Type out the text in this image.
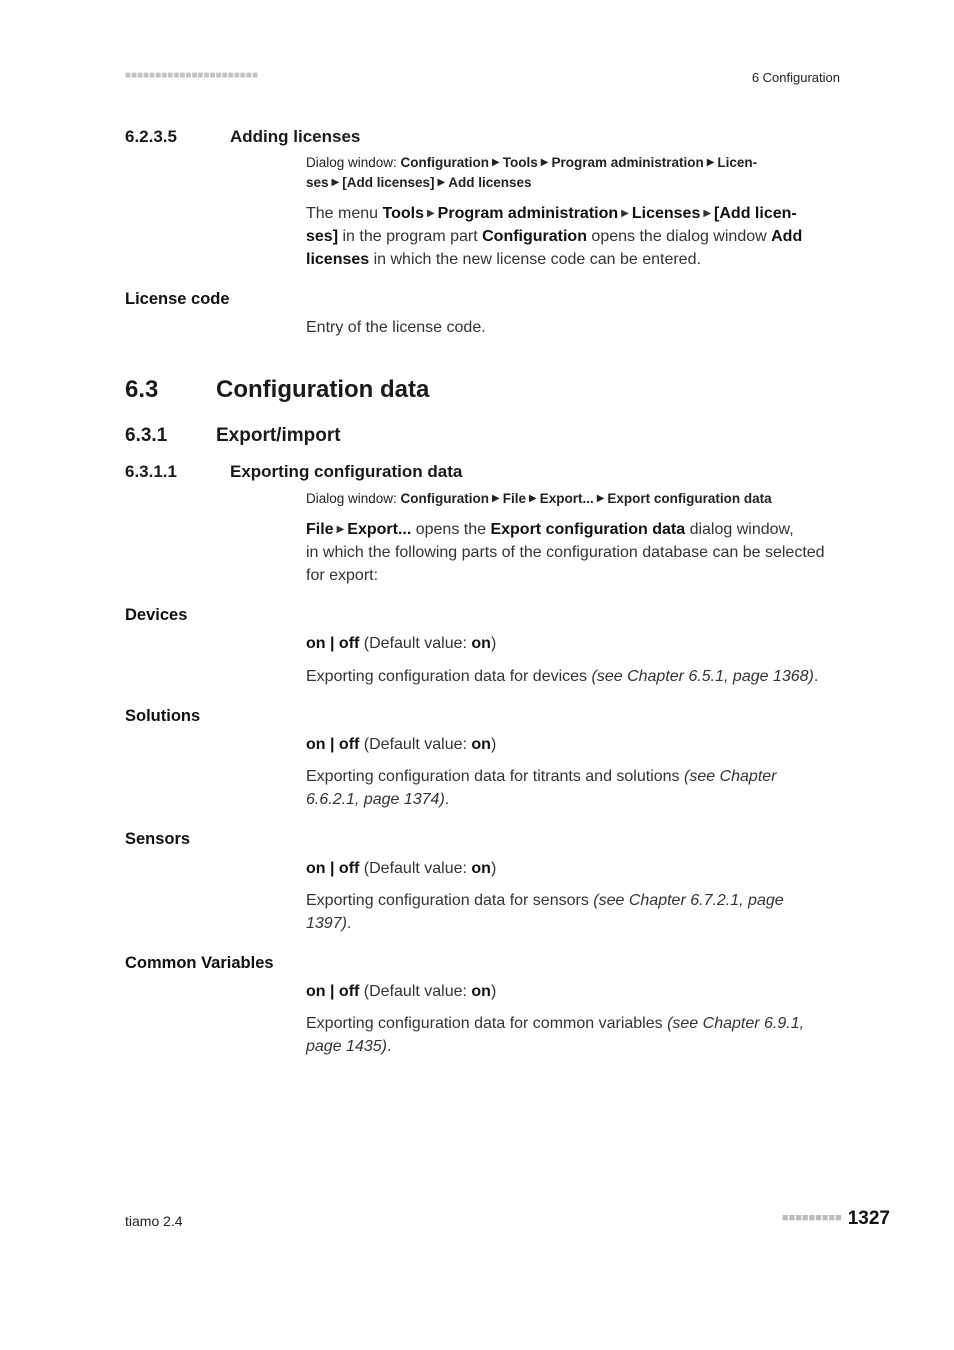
■■■■■■■■■■■■■■■■■■■■■■	6 Configuration
6.2.3.5	Adding licenses
Dialog window: Configuration ▶ Tools ▶ Program administration ▶ Licen-
ses ▶ [Add licenses] ▶ Add licenses
The menu Tools ▶ Program administration ▶ Licenses ▶ [Add licen-
ses] in the program part Configuration opens the dialog window Add
licenses in which the new license code can be entered.
License code
Entry of the license code.
6.3 Configuration data
6.3.1	Export/import
6.3.1.1	Exporting configuration data
Dialog window: Configuration ▶ File ▶ Export... ▶ Export configuration data
File ▶ Export... opens the Export configuration data dialog window,
in which the following parts of the configuration database can be selected
for export:
Devices
on | off (Default value: on)
Exporting configuration data for devices (see Chapter 6.5.1, page 1368).
Solutions
on | off (Default value: on)
Exporting configuration data for titrants and solutions (see Chapter
6.6.2.1, page 1374).
Sensors
on | off (Default value: on)
Exporting configuration data for sensors (see Chapter 6.7.2.1, page
1397).
Common Variables
on | off (Default value: on)
Exporting configuration data for common variables (see Chapter 6.9.1,
page 1435).
tiamo 2.4	■■■■■■■■■ 1327
